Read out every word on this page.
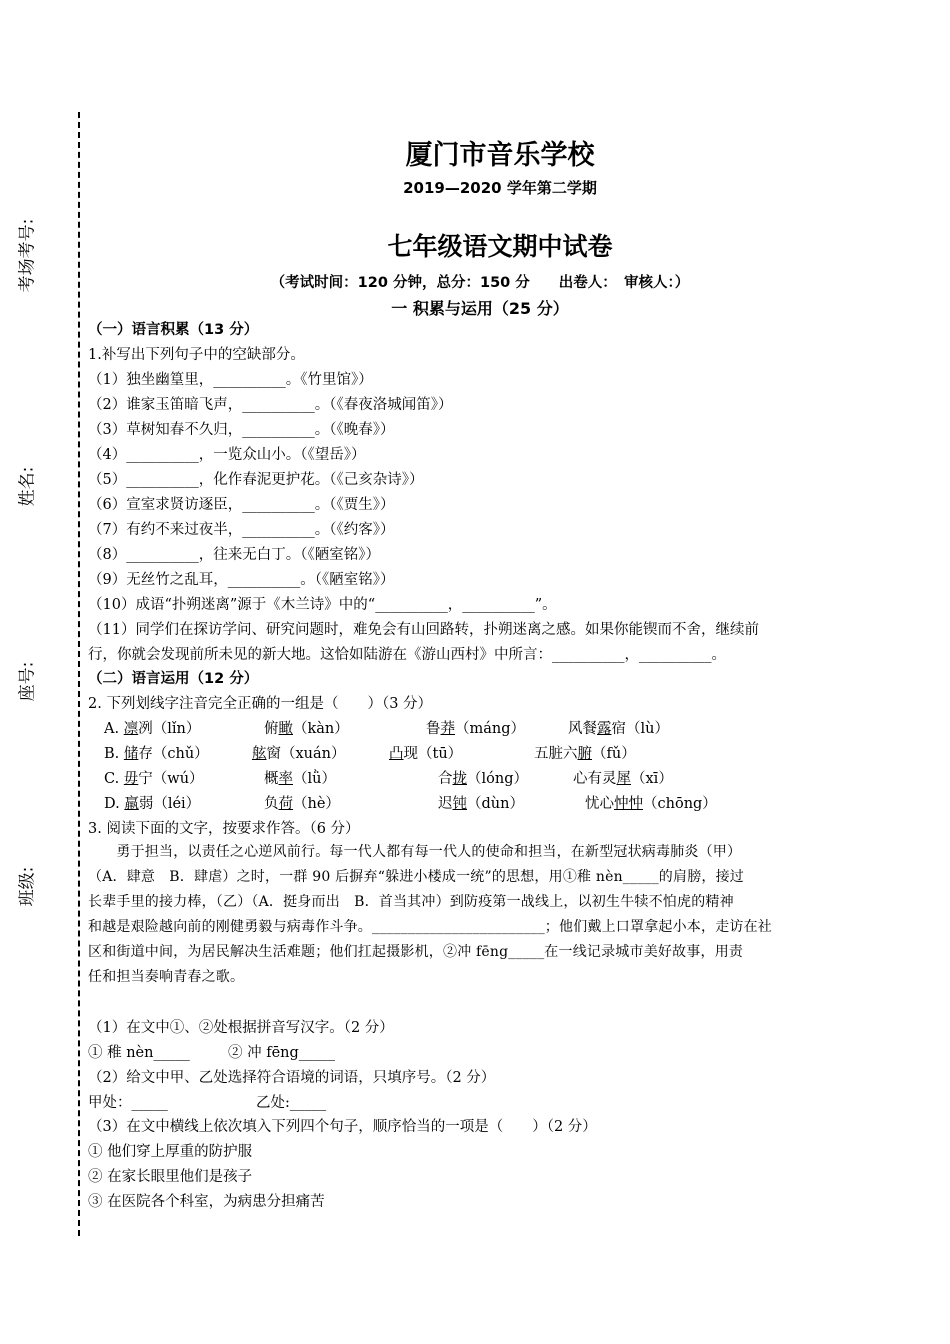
考场考号:
姓名:
座号:
班级:
厦门市音乐学校
2019—2020 学年第二学期
七年级语文期中试卷
（考试时间：120 分钟，总分：150 分　　出卷人：　审核人：）
一 积累与运用（25 分）
（一）语言积累（13 分）
1.补写出下列句子中的空缺部分。
（1）独坐幽篁里，__________。《竹里馆》）
（2）谁家玉笛暗飞声，__________。（《春夜洛城闻笛》）
（3）草树知春不久归，__________。（《晚春》）
（4）__________，一览众山小。（《望岳》）
（5）__________，化作春泥更护花。（《己亥杂诗》）
（6）宣室求贤访逐臣，__________。（《贾生》）
（7）有约不来过夜半，__________。（《约客》）
（8）__________，往来无白丁。（《陋室铭》）
（9）无丝竹之乱耳，__________。（《陋室铭》）
（10）成语“扑朔迷离”源于《木兰诗》中的“__________，__________”。
（11）同学们在探访学问、研究问题时，难免会有山回路转，扑朔迷离之感。如果你能锲而不舍，继续前
行，你就会发现前所未见的新大地。这恰如陆游在《游山西村》中所言：__________，__________。
（二）语言运用（12 分）
2. 下列划线字注音完全正确的一组是（　　）（3 分）
A. 凛冽（lǐn）	俯瞰（kàn）	鲁莽（máng）	风餐露宿（lù）
B. 储存（chǔ）	舷窗（xuán）	凸现（tū）	五脏六腑（fǔ）
C. 毋宁（wú）	概率（lǜ）	合拢（lóng）	心有灵犀（xī）
D. 羸弱（léi）	负荷（hè）	迟钝（dùn）	忧心忡忡（chōng）
3. 阅读下面的文字，按要求作答。（6 分）
　　勇于担当，以责任之心逆风前行。每一代人都有每一代人的使命和担当，在新型冠状病毒肺炎（甲）
（A．肆意　B．肆虐）之时，一群 90 后摒弃“躲进小楼成一统”的思想，用①稚 nèn_____的肩膀，接过
长辈手里的接力棒，（乙）（A．挺身而出　B．首当其冲）到防疫第一战线上，以初生牛犊不怕虎的精神
和越是艰险越向前的刚健勇毅与病毒作斗争。________________________；他们戴上口罩拿起小本，走访在社
区和街道中间，为居民解决生活难题；他们扛起摄影机，②冲 fēng_____在一线记录城市美好故事，用责
任和担当奏响青春之歌。
（1）在文中①、②处根据拼音写汉字。（2 分）
① 稚 nèn_____	② 冲 fēng_____
（2）给文中甲、乙处选择符合语境的词语，只填序号。（2 分）
甲处：_____	乙处:_____
（3）在文中横线上依次填入下列四个句子，顺序恰当的一项是（　　）（2 分）
① 他们穿上厚重的防护服
② 在家长眼里他们是孩子
③ 在医院各个科室，为病患分担痛苦
